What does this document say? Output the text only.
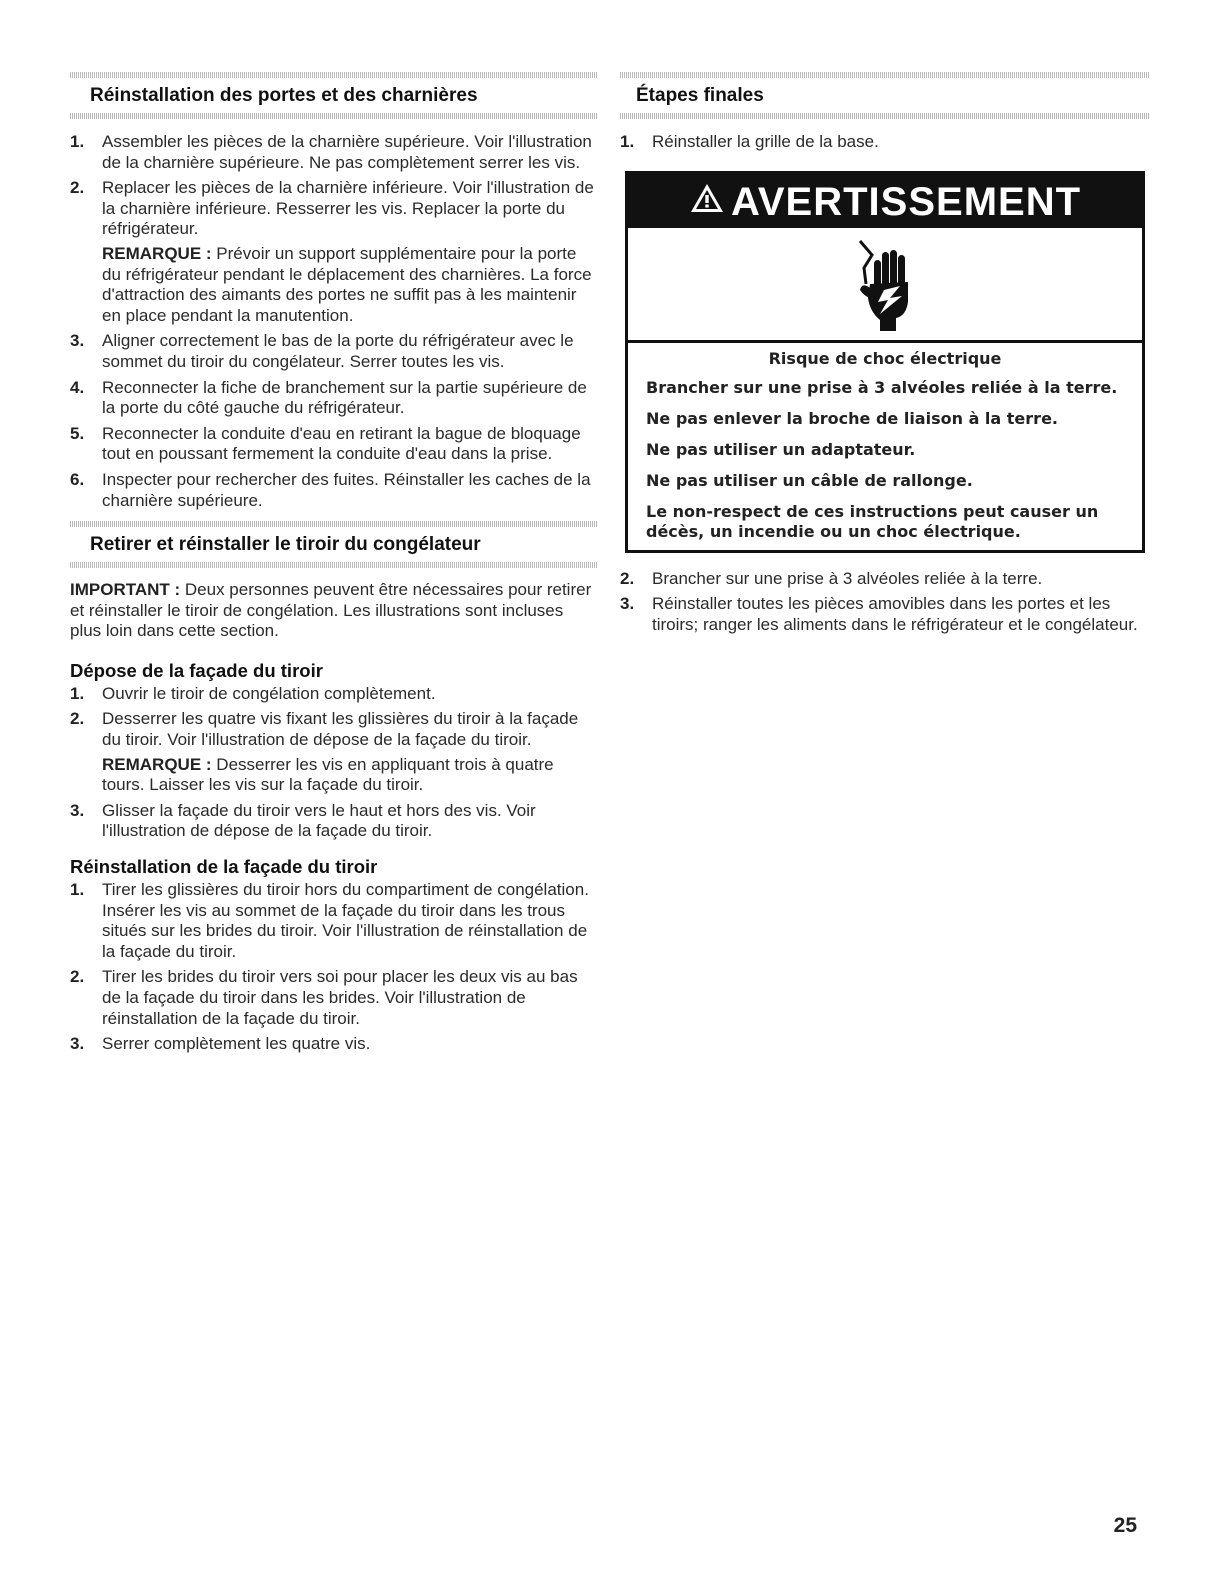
Réinstallation des portes et des charnières
1. Assembler les pièces de la charnière supérieure. Voir l'illustration de la charnière supérieure. Ne pas complètement serrer les vis.
2. Replacer les pièces de la charnière inférieure. Voir l'illustration de la charnière inférieure. Resserrer les vis. Replacer la porte du réfrigérateur.
REMARQUE : Prévoir un support supplémentaire pour la porte du réfrigérateur pendant le déplacement des charnières. La force d'attraction des aimants des portes ne suffit pas à les maintenir en place pendant la manutention.
3. Aligner correctement le bas de la porte du réfrigérateur avec le sommet du tiroir du congélateur. Serrer toutes les vis.
4. Reconnecter la fiche de branchement sur la partie supérieure de la porte du côté gauche du réfrigérateur.
5. Reconnecter la conduite d'eau en retirant la bague de bloquage tout en poussant fermement la conduite d'eau dans la prise.
6. Inspecter pour rechercher des fuites. Réinstaller les caches de la charnière supérieure.
Retirer et réinstaller le tiroir du congélateur

IMPORTANT : Deux personnes peuvent être nécessaires pour retirer et réinstaller le tiroir de congélation. Les illustrations sont incluses plus loin dans cette section.

Dépose de la façade du tiroir
1. Ouvrir le tiroir de congélation complètement.
2. Desserrer les quatre vis fixant les glissières du tiroir à la façade du tiroir. Voir l'illustration de dépose de la façade du tiroir.
REMARQUE : Desserrer les vis en appliquant trois à quatre tours. Laisser les vis sur la façade du tiroir.
3. Glisser la façade du tiroir vers le haut et hors des vis. Voir l'illustration de dépose de la façade du tiroir.
Réinstallation de la façade du tiroir
1. Tirer les glissières du tiroir hors du compartiment de congélation. Insérer les vis au sommet de la façade du tiroir dans les trous situés sur les brides du tiroir. Voir l'illustration de réinstallation de la façade du tiroir.
2. Tirer les brides du tiroir vers soi pour placer les deux vis au bas de la façade du tiroir dans les brides. Voir l'illustration de réinstallation de la façade du tiroir.
3. Serrer complètement les quatre vis.
Étapes finales
1. Réinstaller la grille de la base.
AVERTISSEMENT

Risque de choc électrique

Brancher sur une prise à 3 alvéoles reliée à la terre.

Ne pas enlever la broche de liaison à la terre.

Ne pas utiliser un adaptateur.

Ne pas utiliser un câble de rallonge.

Le non-respect de ces instructions peut causer un décès, un incendie ou un choc électrique.

2. Brancher sur une prise à 3 alvéoles reliée à la terre.
3. Réinstaller toutes les pièces amovibles dans les portes et les tiroirs; ranger les aliments dans le réfrigérateur et le congélateur.
25
